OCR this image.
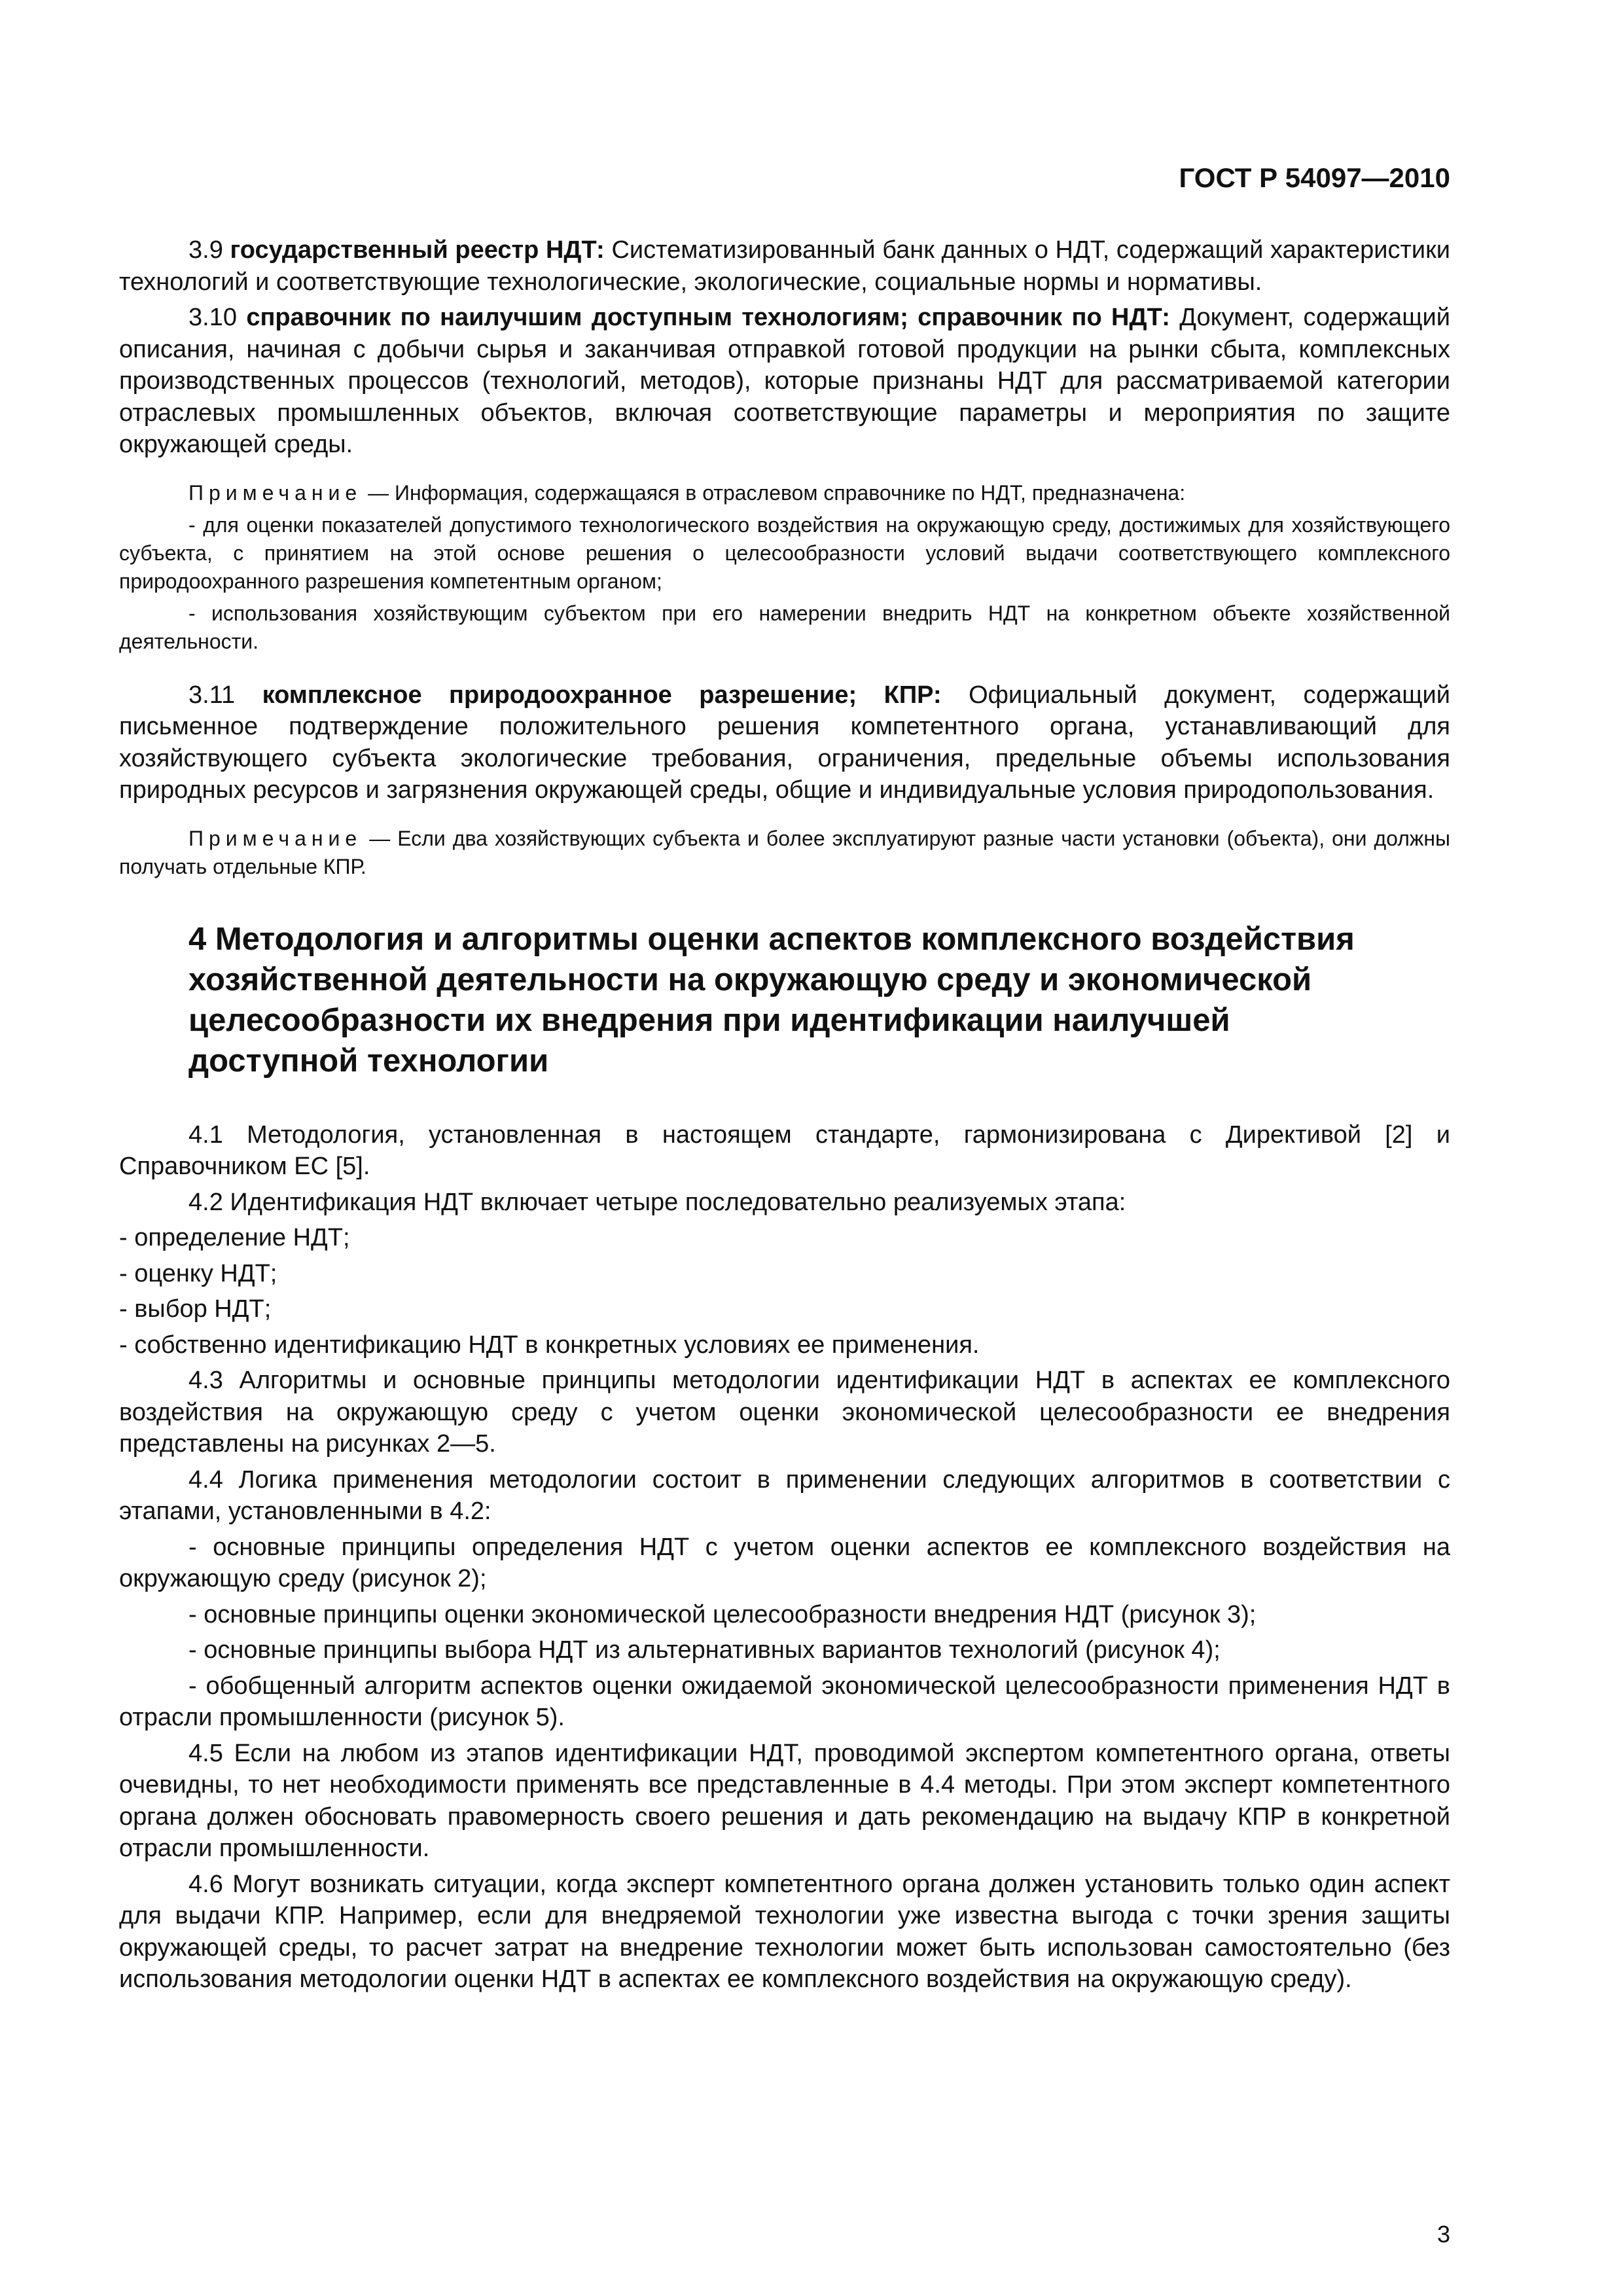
ГОСТ Р 54097—2010

3.9 государственный реестр НДТ: Систематизированный банк данных о НДТ, содержащий характеристики технологий и соответствующие технологические, экологические, социальные нормы и нормативы.

3.10 справочник по наилучшим доступным технологиям; справочник по НДТ: Документ, содержащий описания, начиная с добычи сырья и заканчивая отправкой готовой продукции на рынки сбыта, комплексных производственных процессов (технологий, методов), которые признаны НДТ для рассматриваемой категории отраслевых промышленных объектов, включая соответствующие параметры и мероприятия по защите окружающей среды.

Примечание — Информация, содержащаяся в отраслевом справочнике по НДТ, предназначена:

- для оценки показателей допустимого технологического воздействия на окружающую среду, достижимых для хозяйствующего субъекта, с принятием на этой основе решения о целесообразности условий выдачи соответствующего комплексного природоохранного разрешения компетентным органом;

- использования хозяйствующим субъектом при его намерении внедрить НДТ на конкретном объекте хозяйственной деятельности.

3.11 комплексное природоохранное разрешение; КПР: Официальный документ, содержащий письменное подтверждение положительного решения компетентного органа, устанавливающий для хозяйствующего субъекта экологические требования, ограничения, предельные объемы использования природных ресурсов и загрязнения окружающей среды, общие и индивидуальные условия природопользования.

Примечание — Если два хозяйствующих субъекта и более эксплуатируют разные части установки (объекта), они должны получать отдельные КПР.

4 Методология и алгоритмы оценки аспектов комплексного воздействия хозяйственной деятельности на окружающую среду и экономической целесообразности их внедрения при идентификации наилучшей доступной технологии

4.1 Методология, установленная в настоящем стандарте, гармонизирована с Директивой [2] и Справочником ЕС [5].

4.2 Идентификация НДТ включает четыре последовательно реализуемых этапа:

- определение НДТ;

- оценку НДТ;

- выбор НДТ;

- собственно идентификацию НДТ в конкретных условиях ее применения.

4.3 Алгоритмы и основные принципы методологии идентификации НДТ в аспектах ее комплексного воздействия на окружающую среду с учетом оценки экономической целесообразности ее внедрения представлены на рисунках 2—5.

4.4 Логика применения методологии состоит в применении следующих алгоритмов в соответствии с этапами, установленными в 4.2:

- основные принципы определения НДТ с учетом оценки аспектов ее комплексного воздействия на окружающую среду (рисунок 2);

- основные принципы оценки экономической целесообразности внедрения НДТ (рисунок 3);

- основные принципы выбора НДТ из альтернативных вариантов технологий (рисунок 4);

- обобщенный алгоритм аспектов оценки ожидаемой экономической целесообразности применения НДТ в отрасли промышленности (рисунок 5).

4.5 Если на любом из этапов идентификации НДТ, проводимой экспертом компетентного органа, ответы очевидны, то нет необходимости применять все представленные в 4.4 методы. При этом эксперт компетентного органа должен обосновать правомерность своего решения и дать рекомендацию на выдачу КПР в конкретной отрасли промышленности.

4.6 Могут возникать ситуации, когда эксперт компетентного органа должен установить только один аспект для выдачи КПР. Например, если для внедряемой технологии уже известна выгода с точки зрения защиты окружающей среды, то расчет затрат на внедрение технологии может быть использован самостоятельно (без использования методологии оценки НДТ в аспектах ее комплексного воздействия на окружающую среду).

3
